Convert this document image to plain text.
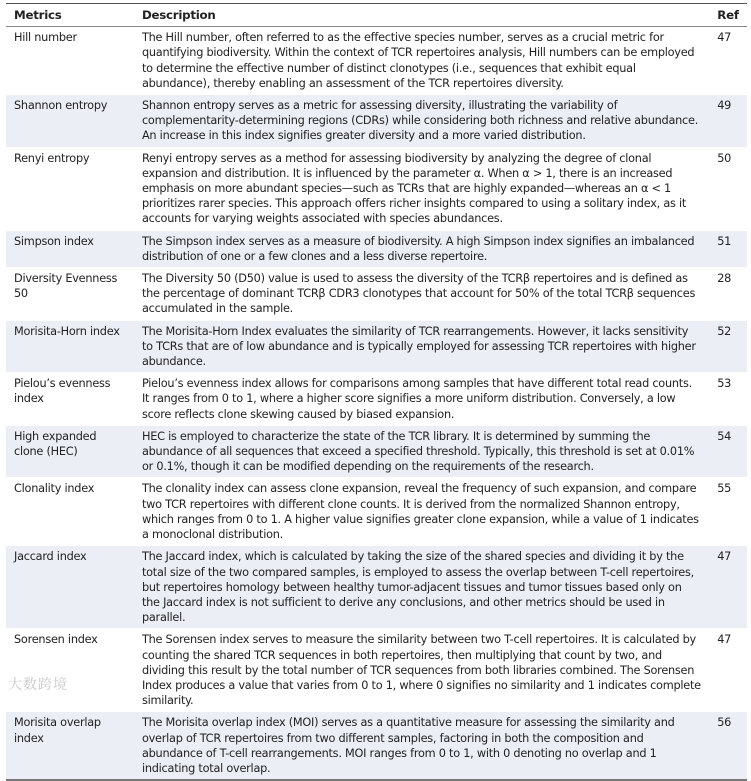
Metrics	Description	Ref
Hill number	The Hill number, often referred to as the effective species number, serves as a crucial metric for quantifying biodiversity. Within the context of TCR repertoires analysis, Hill numbers can be employed to determine the effective number of distinct clonotypes (i.e., sequences that exhibit equal abundance), thereby enabling an assessment of the TCR repertoires diversity.	47
Shannon entropy	Shannon entropy serves as a metric for assessing diversity, illustrating the variability of complementarity-determining regions (CDRs) while considering both richness and relative abundance. An increase in this index signifies greater diversity and a more varied distribution.	49
Renyi entropy	Renyi entropy serves as a method for assessing biodiversity by analyzing the degree of clonal expansion and distribution. It is influenced by the parameter α. When α > 1, there is an increased emphasis on more abundant species—such as TCRs that are highly expanded—whereas an α < 1 prioritizes rarer species. This approach offers richer insights compared to using a solitary index, as it accounts for varying weights associated with species abundances.	50
Simpson index	The Simpson index serves as a measure of biodiversity. A high Simpson index signifies an imbalanced distribution of one or a few clones and a less diverse repertoire.	51
Diversity Evenness 50	The Diversity 50 (D50) value is used to assess the diversity of the TCRβ repertoires and is defined as the percentage of dominant TCRβ CDR3 clonotypes that account for 50% of the total TCRβ sequences accumulated in the sample.	28
Morisita-Horn index	The Morisita-Horn Index evaluates the similarity of TCR rearrangements. However, it lacks sensitivity to TCRs that are of low abundance and is typically employed for assessing TCR repertoires with higher abundance.	52
Pielou’s evenness index	Pielou’s evenness index allows for comparisons among samples that have different total read counts. It ranges from 0 to 1, where a higher score signifies a more uniform distribution. Conversely, a low score reflects clone skewing caused by biased expansion.	53
High expanded clone (HEC)	HEC is employed to characterize the state of the TCR library. It is determined by summing the abundance of all sequences that exceed a specified threshold. Typically, this threshold is set at 0.01% or 0.1%, though it can be modified depending on the requirements of the research.	54
Clonality index	The clonality index can assess clone expansion, reveal the frequency of such expansion, and compare two TCR repertoires with different clone counts. It is derived from the normalized Shannon entropy, which ranges from 0 to 1. A higher value signifies greater clone expansion, while a value of 1 indicates a monoclonal distribution.	55
Jaccard index	The Jaccard index, which is calculated by taking the size of the shared species and dividing it by the total size of the two compared samples, is employed to assess the overlap between T-cell repertoires, but repertoires homology between healthy tumor-adjacent tissues and tumor tissues based only on the Jaccard index is not sufficient to derive any conclusions, and other metrics should be used in parallel.	47
Sorensen index	The Sorensen index serves to measure the similarity between two T-cell repertoires. It is calculated by counting the shared TCR sequences in both repertoires, then multiplying that count by two, and dividing this result by the total number of TCR sequences from both libraries combined. The Sorensen Index produces a value that varies from 0 to 1, where 0 signifies no similarity and 1 indicates complete similarity.	47
Morisita overlap index	The Morisita overlap index (MOI) serves as a quantitative measure for assessing the similarity and overlap of TCR repertoires from two different samples, factoring in both the composition and abundance of T-cell rearrangements. MOI ranges from 0 to 1, with 0 denoting no overlap and 1 indicating total overlap.	56
大数跨境
